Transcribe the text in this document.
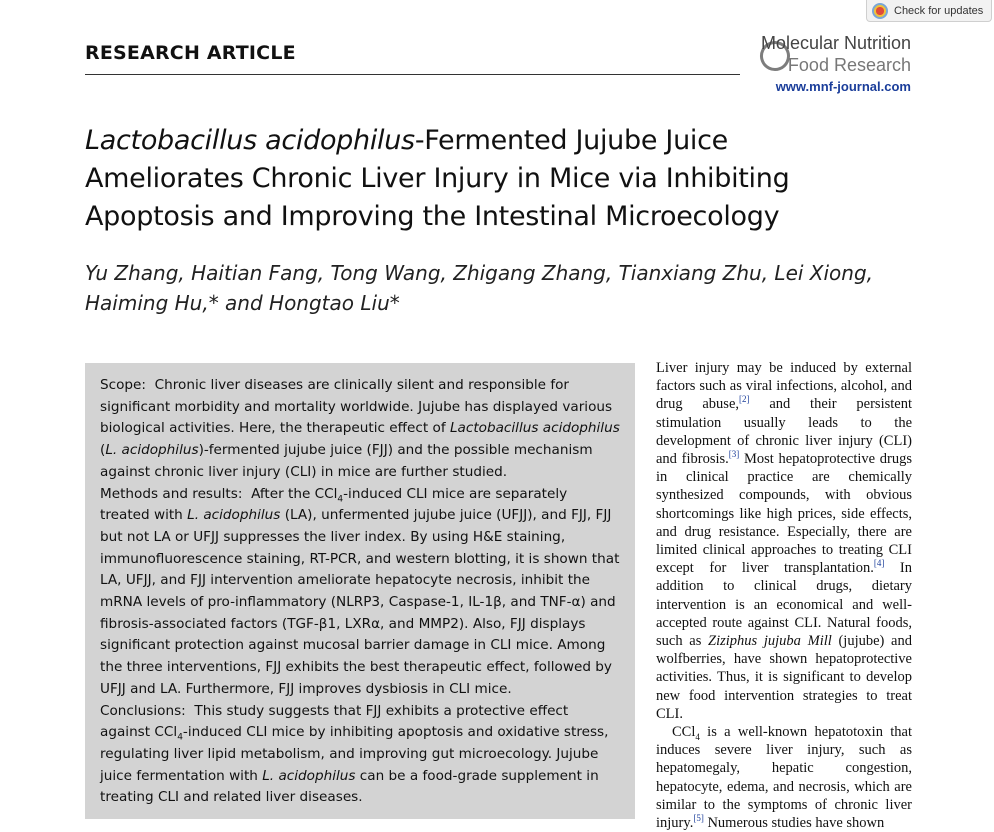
Check for updates
RESEARCH ARTICLE	Molecular Nutrition
Food Research
www.mnf-journal.com
Lactobacillus acidophilus-Fermented Jujube Juice Ameliorates Chronic Liver Injury in Mice via Inhibiting Apoptosis and Improving the Intestinal Microecology
Yu Zhang, Haitian Fang, Tong Wang, Zhigang Zhang, Tianxiang Zhu, Lei Xiong,
Haiming Hu,* and Hongtao Liu*

Scope: Chronic liver diseases are clinically silent and responsible for significant morbidity and mortality worldwide. Jujube has displayed various biological activities. Here, the therapeutic effect of Lactobacillus acidophilus (L. acidophilus)-fermented jujube juice (FJJ) and the possible mechanism against chronic liver injury (CLI) in mice are further studied.

Methods and results: After the CCl$_4$-induced CLI mice are separately treated with L. acidophilus (LA), unfermented jujube juice (UFJJ), and FJJ, FJJ but not LA or UFJJ suppresses the liver index. By using H&E staining, immunofluorescence staining, RT-PCR, and western blotting, it is shown that LA, UFJJ, and FJJ intervention ameliorate hepatocyte necrosis, inhibit the mRNA levels of pro-inflammatory (NLRP3, Caspase-1, IL-1β, and TNF-α) and fibrosis-associated factors (TGF-β1, LXRα, and MMP2). Also, FJJ displays significant protection against mucosal barrier damage in CLI mice. Among the three interventions, FJJ exhibits the best therapeutic effect, followed by UFJJ and LA. Furthermore, FJJ improves dysbiosis in CLI mice.

Conclusions: This study suggests that FJJ exhibits a protective effect against CCl$_4$-induced CLI mice by inhibiting apoptosis and oxidative stress, regulating liver lipid metabolism, and improving gut microecology. Jujube juice fermentation with L. acidophilus can be a food-grade supplement in treating CLI and related liver diseases.

Liver injury may be induced by external factors such as viral infections, alcohol, and drug abuse,[2] and their persistent stimulation usually leads to the development of chronic liver injury (CLI) and fibrosis.[3] Most hepatoprotective drugs in clinical practice are chemically synthesized compounds, with obvious shortcomings like high prices, side effects, and drug resistance. Especially, there are limited clinical approaches to treating CLI except for liver transplantation.[4] In addition to clinical drugs, dietary intervention is an economical and well-accepted route against CLI. Natural foods, such as Ziziphus jujuba Mill (jujube) and wolfberries, have shown hepatoprotective activities. Thus, it is significant to develop new food intervention strategies to treat CLI.

CCl$_4$ is a well-known hepatotoxin that induces severe liver injury, such as hepatomegaly, hepatic congestion, hepatocyte, edema, and necrosis, which are similar to the symptoms of chronic liver injury.[5] Numerous studies have shown
